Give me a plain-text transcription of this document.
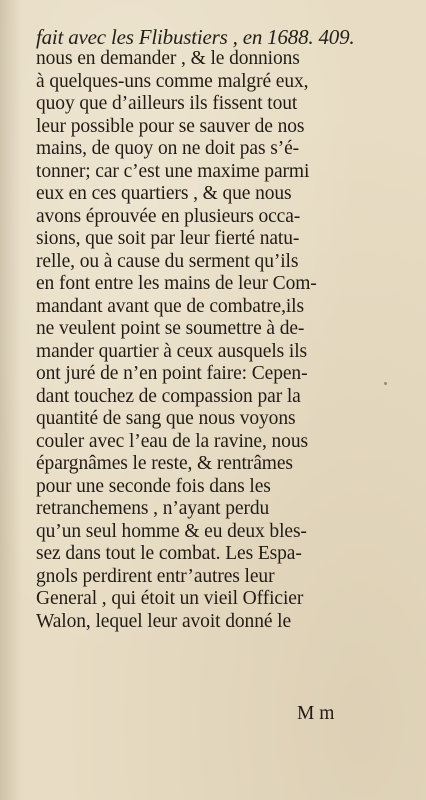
fait avec les Flibustiers , en 1688. 409.
nous en demander , & le donnions
à quelques-uns comme malgré eux,
quoy que d’ailleurs ils fissent tout
leur possible pour se sauver de nos
mains, de quoy on ne doit pas s’é-
tonner; car c’est une maxime parmi
eux en ces quartiers , & que nous
avons éprouvée en plusieurs occa-
sions, que soit par leur fierté natu-
relle, ou à cause du serment qu’ils
en font entre les mains de leur Com-
mandant avant que de combatre,ils
ne veulent point se soumettre à de-
mander quartier à ceux ausquels ils
ont juré de n’en point faire: Cepen-
dant touchez de compassion par la
quantité de sang que nous voyons
couler avec l’eau de la ravine, nous
épargnâmes le reste, & rentrâmes
pour une seconde fois dans les
retranchemens , n’ayant perdu
qu’un seul homme & eu deux bles-
sez dans tout le combat. Les Espa-
gnols perdirent entr’autres leur
General , qui étoit un vieil Officier
Walon, lequel leur avoit donné le
M m
